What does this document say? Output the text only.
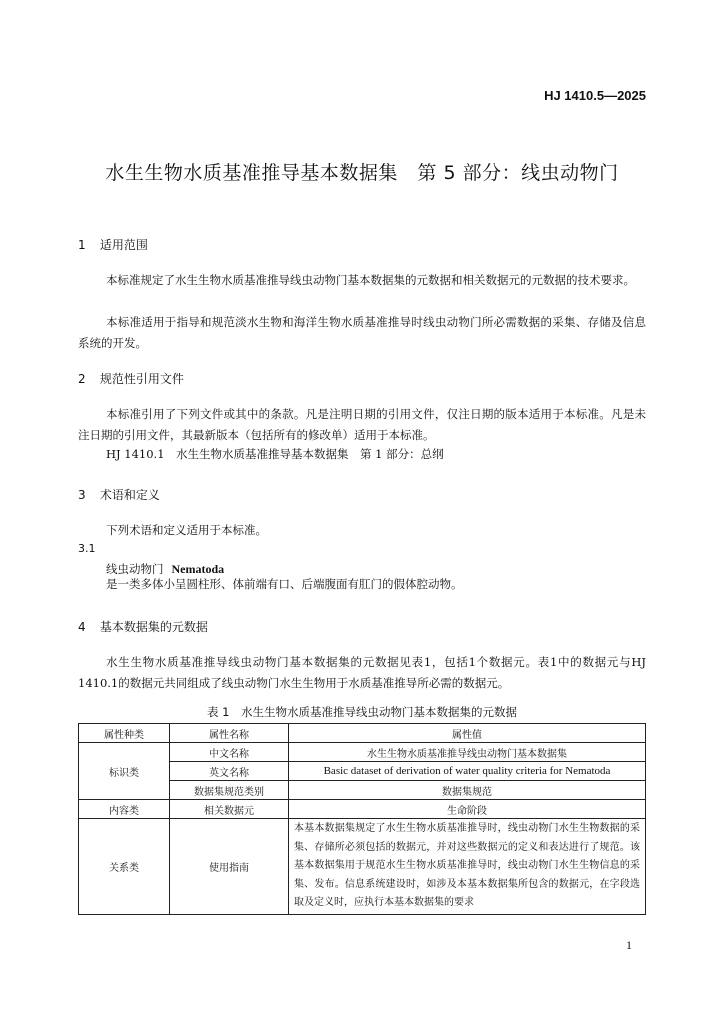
HJ 1410.5—2025
水生生物水质基准推导基本数据集　第 5 部分：线虫动物门
1 适用范围
本标准规定了水生生物水质基准推导线虫动物门基本数据集的元数据和相关数据元的元数据的技术要求。
本标准适用于指导和规范淡水生物和海洋生物水质基准推导时线虫动物门所必需数据的采集、存储及信息系统的开发。
2 规范性引用文件
本标准引用了下列文件或其中的条款。凡是注明日期的引用文件，仅注日期的版本适用于本标准。凡是未注日期的引用文件，其最新版本（包括所有的修改单）适用于本标准。
HJ 1410.1　水生生物水质基准推导基本数据集　第 1 部分：总纲
3 术语和定义
下列术语和定义适用于本标准。
3.1
线虫动物门 Nematoda
是一类多体小呈圆柱形、体前端有口、后端腹面有肛门的假体腔动物。
4 基本数据集的元数据
水生生物水质基准推导线虫动物门基本数据集的元数据见表1，包括1个数据元。表1中的数据元与HJ 1410.1的数据元共同组成了线虫动物门水生生物用于水质基准推导所必需的数据元。
表 1　水生生物水质基准推导线虫动物门基本数据集的元数据
属性种类	属性名称	属性值
标识类	中文名称	水生生物水质基准推导线虫动物门基本数据集
	英文名称	Basic dataset of derivation of water quality criteria for Nematoda
	数据集规范类别	数据集规范
内容类	相关数据元	生命阶段
关系类	使用指南	本基本数据集规定了水生生物水质基准推导时，线虫动物门水生生物数据的采集、存储所必须包括的数据元，并对这些数据元的定义和表达进行了规范。该基本数据集用于规范水生生物水质基准推导时，线虫动物门水生生物信息的采集、发布。信息系统建设时，如涉及本基本数据集所包含的数据元，在字段选取及定义时，应执行本基本数据集的要求
1
